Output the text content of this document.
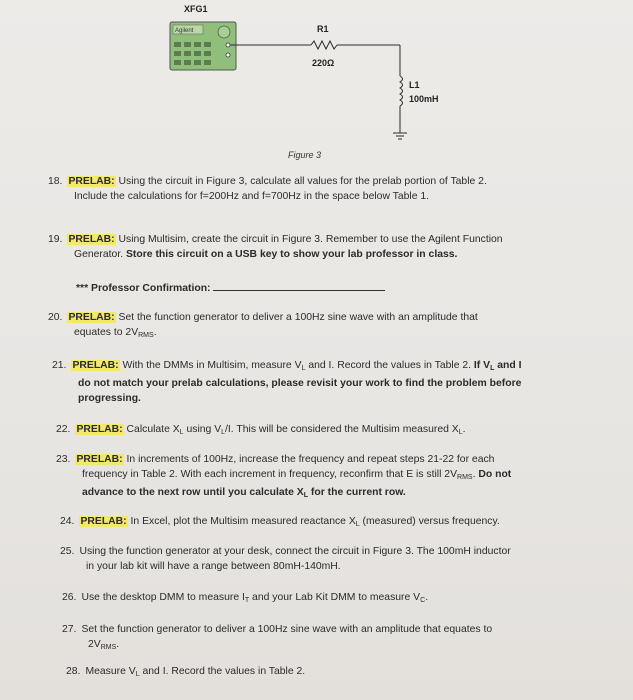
XFG1
Agilent	R1
220Ω
L1
100mH
Figure 3
18. PRELAB: Using the circuit in Figure 3, calculate all values for the prelab portion of Table 2.
Include the calculations for f=200Hz and f=700Hz in the space below Table 1.
19. PRELAB: Using Multisim, create the circuit in Figure 3. Remember to use the Agilent Function
Generator. Store this circuit on a USB key to show your lab professor in class.
*** Professor Confirmation:
20. PRELAB: Set the function generator to deliver a 100Hz sine wave with an amplitude that
equates to $2V_{RMS}$.
21. PRELAB: With the DMMs in Multisim, measure $V_L$ and I. Record the values in Table 2. If $V_L$ and I
do not match your prelab calculations, please revisit your work to find the problem before
progressing.
22. PRELAB: Calculate $X_L$ using $V_L/I$. This will be considered the Multisim measured $X_L$.
23. PRELAB: In increments of 100Hz, increase the frequency and repeat steps 21-22 for each
frequency in Table 2. With each increment in frequency, reconfirm that E is still $2V_{RMS}$. Do not
advance to the next row until you calculate $X_L$ for the current row.
24. PRELAB: In Excel, plot the Multisim measured reactance $X_L$ (measured) versus frequency.
25. Using the function generator at your desk, connect the circuit in Figure 3. The 100mH inductor
in your lab kit will have a range between 80mH-140mH.
26. Use the desktop DMM to measure $I_T$ and your Lab Kit DMM to measure $V_C$.
27. Set the function generator to deliver a 100Hz sine wave with an amplitude that equates to
$2V_{RMS}$.
28. Measure $V_L$ and I. Record the values in Table 2.
